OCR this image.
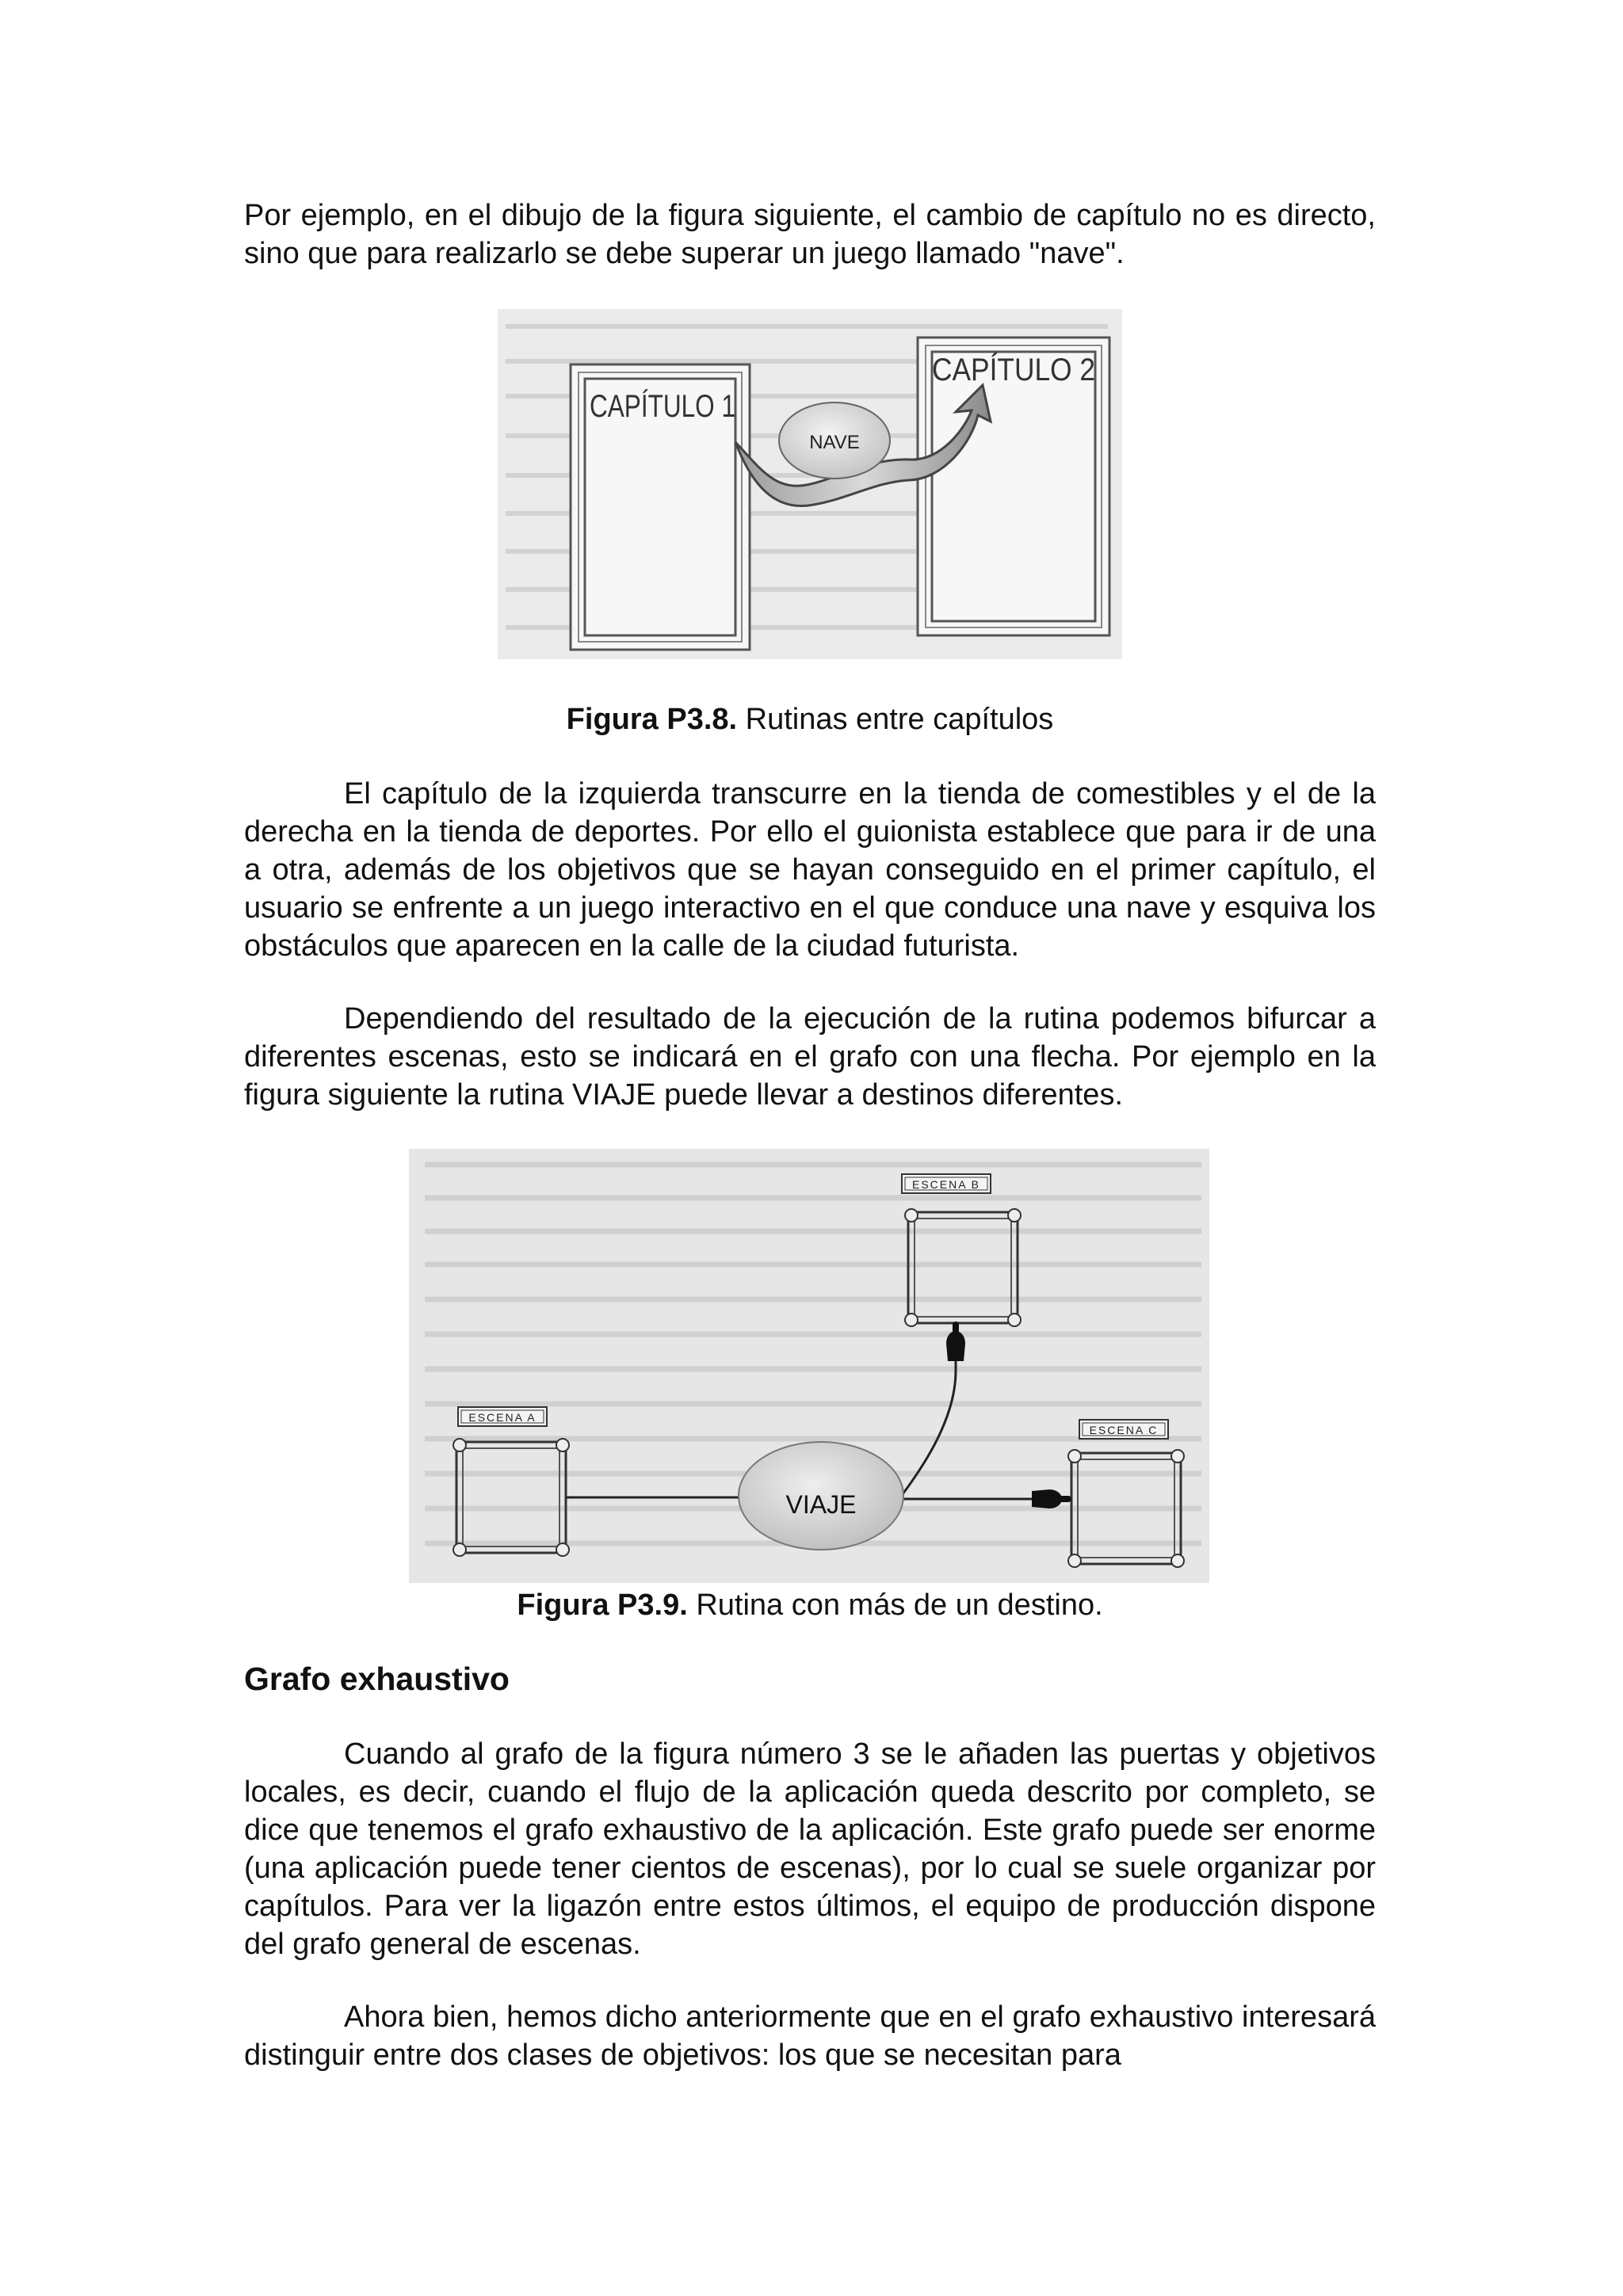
Por ejemplo, en el dibujo de la figura siguiente, el cambio de capítulo no es directo, sino que para realizarlo se debe superar un juego llamado "nave".

NAVE
CAPÍTULO 1
CAPÍTULO 2

Figura P3.8. Rutinas entre capítulos

El capítulo de la izquierda transcurre en la tienda de comestibles y el de la derecha en la tienda de deportes. Por ello el guionista establece que para ir de una a otra, además de los objetivos que se hayan conseguido en el primer capítulo, el usuario se enfrente a un juego interactivo en el que conduce una nave y esquiva los obstáculos que aparecen en la calle de la ciudad futurista.

Dependiendo del resultado de la ejecución de la rutina podemos bifurcar a diferentes escenas, esto se indicará en el grafo con una flecha. Por ejemplo en la figura siguiente la rutina VIAJE puede llevar a destinos diferentes.

ESCENA B
ESCENA A
ESCENA C
VIAJE

Figura P3.9. Rutina con más de un destino.

Grafo exhaustivo

Cuando al grafo de la figura número 3 se le añaden las puertas y objetivos locales, es decir, cuando el flujo de la aplicación queda descrito por completo, se dice que tenemos el grafo exhaustivo de la aplicación. Este grafo puede ser enorme (una aplicación puede tener cientos de escenas), por lo cual se suele organizar por capítulos. Para ver la ligazón entre estos últimos, el equipo de producción dispone del grafo general de escenas.

Ahora bien, hemos dicho anteriormente que en el grafo exhaustivo interesará distinguir entre dos clases de objetivos: los que se necesitan para
